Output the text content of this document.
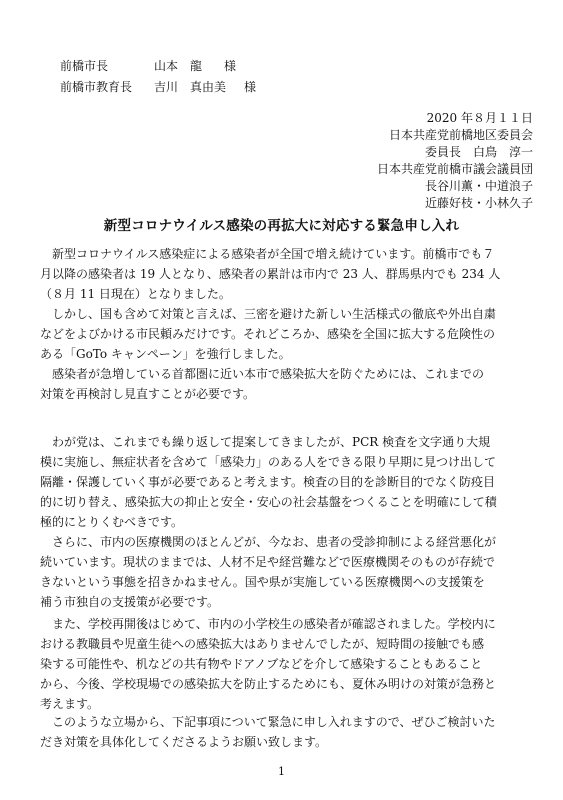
前橋市長	山本　龍 様
前橋市教育長 吉川　真由美 様
2020 年８月１１日
日本共産党前橋地区委員会
委員長　白鳥　淳一
日本共産党前橋市議会議員団
長谷川薫・中道浪子
近藤好枝・小林久子
新型コロナウイルス感染の再拡大に対応する緊急申し入れ
　新型コロナウイルス感染症による感染者が全国で増え続けています。前橋市でも７
月以降の感染者は 19 人となり、感染者の累計は市内で 23 人、群馬県内でも 234 人
（８月 11 日現在）となりました。
　しかし、国も含めて対策と言えば、三密を避けた新しい生活様式の徹底や外出自粛
などをよびかける市民頼みだけです。それどころか、感染を全国に拡大する危険性の
ある「GoTo キャンペーン」を強行しました。
　感染者が急増している首都圏に近い本市で感染拡大を防ぐためには、これまでの
対策を再検討し見直すことが必要です。
　わが党は、これまでも繰り返して提案してきましたが、PCR 検査を文字通り大規
模に実施し、無症状者を含めて「感染力」のある人をできる限り早期に見つけ出して
隔離・保護していく事が必要であると考えます。検査の目的を診断目的でなく防疫目
的に切り替え、感染拡大の抑止と安全・安心の社会基盤をつくることを明確にして積
極的にとりくむべきです。
　さらに、市内の医療機関のほとんどが、今なお、患者の受診抑制による経営悪化が
続いています。現状のままでは、人材不足や経営難などで医療機関そのものが存続で
きないという事態を招きかねません。国や県が実施している医療機関への支援策を
補う市独自の支援策が必要です。
　また、学校再開後はじめて、市内の小学校生の感染者が確認されました。学校内に
おける教職員や児童生徒への感染拡大はありませんでしたが、短時間の接触でも感
染する可能性や、机などの共有物やドアノブなどを介して感染することもあること
から、今後、学校現場での感染拡大を防止するためにも、夏休み明けの対策が急務と
考えます。
　このような立場から、下記事項について緊急に申し入れますので、ぜひご検討いた
だき対策を具体化してくださるようお願い致します。
1
